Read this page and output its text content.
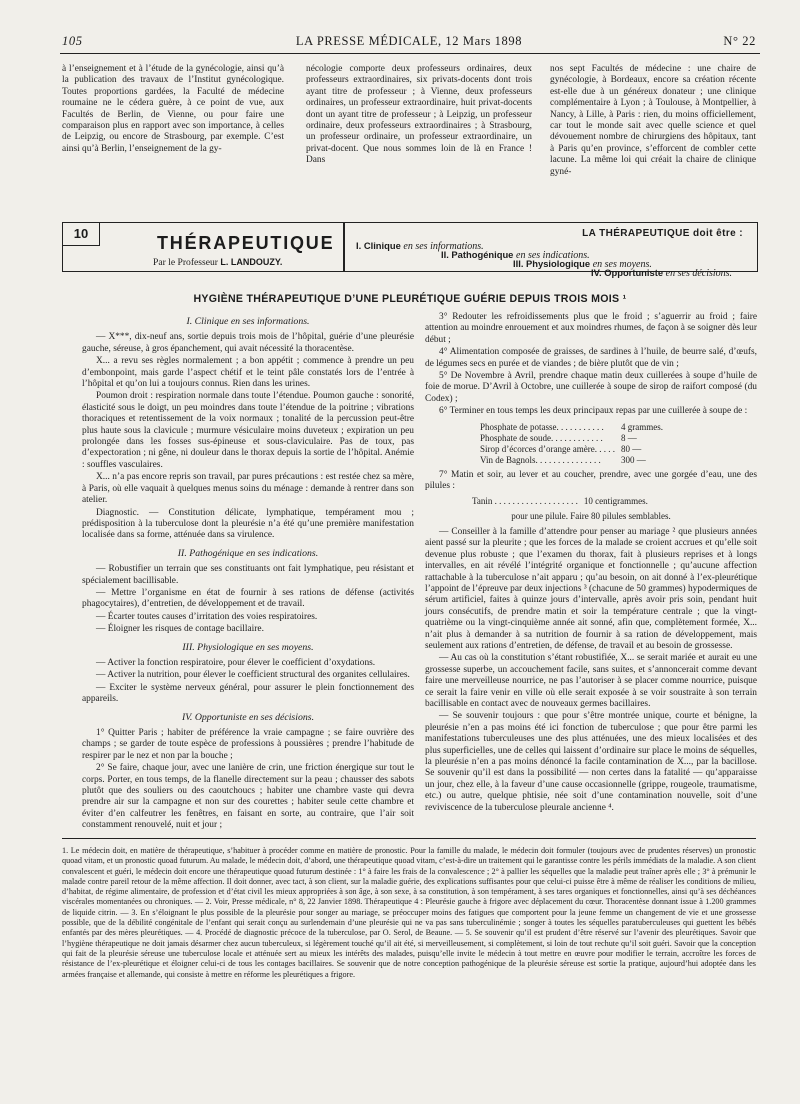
105	LA PRESSE MÉDICALE, 12 Mars 1898	N° 22

à l’enseignement et à l’étude de la gynécologie, ainsi qu’à la publication des travaux de l’Institut gynécologique. Toutes proportions gardées, la Faculté de médecine roumaine ne le cédera guère, à ce point de vue, aux Facultés de Berlin, de Vienne, ou pour faire une comparaison plus en rapport avec son importance, à celles de Leipzig, ou encore de Strasbourg, par exemple. C’est ainsi qu’à Berlin, l’enseignement de la gy-

nécologie comporte deux professeurs ordinaires, deux professeurs extraordinaires, six privats-docents dont trois ayant titre de professeur ; à Vienne, deux professeurs ordinaires, un professeur extraordinaire, huit privat-docents dont un ayant titre de professeur ; à Leipzig, un professeur ordinaire, deux professeurs extraordinaires ; à Strasbourg, un professeur ordinaire, un professeur extraordinaire, un privat-docent. Que nous sommes loin de là en France ! Dans

nos sept Facultés de médecine : une chaire de gynécologie, à Bordeaux, encore sa création récente est-elle due à un généreux donateur ; une clinique complémentaire à Lyon ; à Toulouse, à Montpellier, à Nancy, à Lille, à Paris : rien, du moins officiellement, car tout le monde sait avec quelle science et quel dévouement nombre de chirurgiens des hôpitaux, tant à Paris qu’en province, s’efforcent de combler cette lacune. La même loi qui créait la chaire de clinique gyné-

10	THÉRAPEUTIQUE
Par le Professeur L. LANDOUZY.
LA THÉRAPEUTIQUE doit être :
I. Clinique en ses informations.
II. Pathogénique en ses indications.
III. Physiologique en ses moyens.
IV. Opportuniste en ses décisions.
HYGIÈNE THÉRAPEUTIQUE D’UNE PLEURÉTIQUE GUÉRIE DEPUIS TROIS MOIS ¹
I. Clinique en ses informations.

— X***, dix-neuf ans, sortie depuis trois mois de l’hôpital, guérie d’une pleurésie gauche, séreuse, à gros épanchement, qui avait nécessité la thoracentèse.

X... a revu ses règles normalement ; a bon appétit ; commence à prendre un peu d’embonpoint, mais garde l’aspect chétif et le teint pâle constatés lors de l’entrée à l’hôpital et qu’on lui a toujours connus. Rien dans les urines.

Poumon droit : respiration normale dans toute l’étendue. Poumon gauche : sonorité, élasticité sous le doigt, un peu moindres dans toute l’étendue de la poitrine ; vibrations thoraciques et retentissement de la voix normaux ; tonalité de la percussion peut-être plus haute sous la clavicule ; murmure vésiculaire moins duveteux ; expiration un peu prolongée dans les fosses sus-épineuse et sous-claviculaire. Pas de toux, pas d’expectoration ; ni gêne, ni douleur dans le thorax depuis la sortie de l’hôpital. Anémie : souffles vasculaires.

X... n’a pas encore repris son travail, par pures précautions : est restée chez sa mère, à Paris, où elle vaquait à quelques menus soins du ménage : demande à rentrer dans son atelier.

Diagnostic. — Constitution délicate, lymphatique, tempérament mou ; prédisposition à la tuberculose dont la pleurésie n’a été qu’une première manifestation localisée dans sa forme, atténuée dans sa virulence.

II. Pathogénique en ses indications.

— Robustifier un terrain que ses constituants ont fait lymphatique, peu résistant et spécialement bacillisable.

— Mettre l’organisme en état de fournir à ses rations de défense (activités phagocytaires), d’entretien, de développement et de travail.

— Écarter toutes causes d’irritation des voies respiratoires.

— Éloigner les risques de contage bacillaire.

III. Physiologique en ses moyens.

— Activer la fonction respiratoire, pour élever le coefficient d’oxydations.

— Activer la nutrition, pour élever le coefficient structural des organites cellulaires.

— Exciter le système nerveux général, pour assurer le plein fonctionnement des appareils.

IV. Opportuniste en ses décisions.

1° Quitter Paris ; habiter de préférence la vraie campagne ; se faire ouvrière des champs ; se garder de toute espèce de professions à poussières ; prendre l’habitude de respirer par le nez et non par la bouche ;

2° Se faire, chaque jour, avec une lanière de crin, une friction énergique sur tout le corps. Porter, en tous temps, de la flanelle directement sur la peau ; chausser des sabots plutôt que des souliers ou des caoutchoucs ; habiter une chambre vaste qui devra prendre air sur la campagne et non sur des courettes ; habiter seule cette chambre et éviter d’en calfeutrer les fenêtres, en faisant en sorte, au contraire, que l’air soit constamment renouvelé, nuit et jour ;

3° Redouter les refroidissements plus que le froid ; s’aguerrir au froid ; faire attention au moindre enrouement et aux moindres rhumes, de façon à se soigner dès leur début ;

4° Alimentation composée de graisses, de sardines à l’huile, de beurre salé, d’œufs, de légumes secs en purée et de viandes ; de bière plutôt que de vin ;

5° De Novembre à Avril, prendre chaque matin deux cuillerées à soupe d’huile de foie de morue. D’Avril à Octobre, une cuillerée à soupe de sirop de raifort composé (du Codex) ;

6° Terminer en tous temps les deux principaux repas par une cuillerée à soupe de :

Phosphate de potasse. . . . . . . . . . .	4 grammes.
Phosphate de soude. . . . . . . . . . . .	8 —
Sirop d’écorces d’orange amère. . . . .	80 —
Vin de Bagnols. . . . . . . . . . . . . . .	300 —

7° Matin et soir, au lever et au coucher, prendre, avec une gorgée d’eau, une des pilules :

Tanin . . . . . . . . . . . . . . . . . . .	10 centigrammes.

pour une pilule. Faire 80 pilules semblables.

— Conseiller à la famille d’attendre pour penser au mariage ² que plusieurs années aient passé sur la pleurite ; que les forces de la malade se croient accrues et qu’elle soit devenue plus robuste ; que l’examen du thorax, fait à plusieurs reprises et à longs intervalles, en ait révélé l’intégrité organique et fonctionnelle ; qu’aucune affection rattachable à la tuberculose n’ait apparu ; qu’au besoin, on ait donné à l’ex-pleurétique l’appoint de l’épreuve par deux injections ³ (chacune de 50 grammes) hypodermiques de sérum artificiel, faites à quinze jours d’intervalle, après avoir pris soin, pendant huit jours consécutifs, de prendre matin et soir la température centrale ; que la vingt-quatrième ou la vingt-cinquième année ait sonné, afin que, complètement formée, X... n’ait plus à demander à sa nutrition de fournir à sa ration de développement, mais seulement aux rations d’entretien, de défense, de travail et au besoin de grossesse.

— Au cas où la constitution s’étant robustifiée, X... se serait mariée et aurait eu une grossesse superbe, un accouchement facile, sans suites, et s’annoncerait comme devant faire une merveilleuse nourrice, ne pas l’autoriser à se placer comme nourrice, puisque ce serait la faire venir en ville où elle serait exposée à se voir soustraite à son terrain bacillisable en contact avec de nouveaux germes bacillaires.

— Se souvenir toujours : que pour s’être montrée unique, courte et bénigne, la pleurésie n’en a pas moins été ici fonction de tuberculose ; que pour être parmi les manifestations tuberculeuses une des plus atténuées, une des mieux localisées et des plus superficielles, une de celles qui laissent d’ordinaire sur place le moins de séquelles, la pleurésie n’en a pas moins dénoncé la facile contamination de X..., par la bacillose. Se souvenir qu’il est dans la possibilité — non certes dans la fatalité — qu’apparaisse un jour, chez elle, à la faveur d’une cause occasionnelle (grippe, rougeole, traumatisme, etc.) ou autre, quelque phtisie, née soit d’une contamination nouvelle, soit d’une reviviscence de la tuberculose pleurale ancienne ⁴.

1. Le médecin doit, en matière de thérapeutique, s’habituer à procéder comme en matière de pronostic. Pour la famille du malade, le médecin doit formuler (toujours avec de prudentes réserves) un pronostic quoad vitam, et un pronostic quoad futurum. Au malade, le médecin doit, d’abord, une thérapeutique quoad vitam, c’est-à-dire un traitement qui le garantisse contre les périls immédiats de la maladie. A son client convalescent et guéri, le médecin doit encore une thérapeutique quoad futurum destinée : 1° à faire les frais de la convalescence ; 2° à pallier les séquelles que la maladie peut traîner après elle ; 3° à prémunir le malade contre pareil retour de la même affection. Il doit donner, avec tact, à son client, sur la maladie guérie, des explications suffisantes pour que celui-ci puisse être à même de réaliser les conditions de milieu, d’habitat, de régime alimentaire, de profession et d’état civil les mieux appropriées à son âge, à son sexe, à sa constitution, à son tempérament, à ses tares organiques et fonctionnelles, ainsi qu’à ses déchéances viscérales momentanées ou chroniques. — 2. Voir, Presse médicale, n° 8, 22 Janvier 1898. Thérapeutique 4 : Pleurésie gauche à frigore avec déplacement du cœur. Thoracentèse donnant issue à 1.200 grammes de liquide citrin. — 3. En s’éloignant le plus possible de la pleurésie pour songer au mariage, se préoccuper moins des fatigues que comportent pour la jeune femme un changement de vie et une grossesse possible, que de la débilité congénitale de l’enfant qui serait conçu au surlendemain d’une pleurésie qui ne va pas sans tuberculinémie ; songer à toutes les séquelles paratuberculeuses qui guettent les bébés enfantés par des mères pleurétiques. — 4. Procédé de diagnostic précoce de la tuberculose, par O. Serol, de Beaune. — 5. Se souvenir qu’il est prudent d’être réservé sur l’avenir des pleurétiques. Savoir que l’hygiène thérapeutique ne doit jamais désarmer chez aucun tuberculeux, si légèrement touché qu’il ait été, si merveilleusement, si complètement, si loin de tout rechute qu’il soit guéri. Savoir que la conception qui fait de la pleurésie séreuse une tuberculose locale et atténuée sert au mieux les intérêts des malades, puisqu’elle invite le médecin à tout mettre en œuvre pour modifier le terrain, accroître les forces de résistance de l’ex-pleurétique et éloigner celui-ci de tous les contages bacillaires. Se souvenir que de notre conception pathogénique de la pleurésie séreuse est sortie la pratique, aujourd’hui adoptée dans les armées française et allemande, qui consiste à mettre en réforme les pleurétiques a frigore.
